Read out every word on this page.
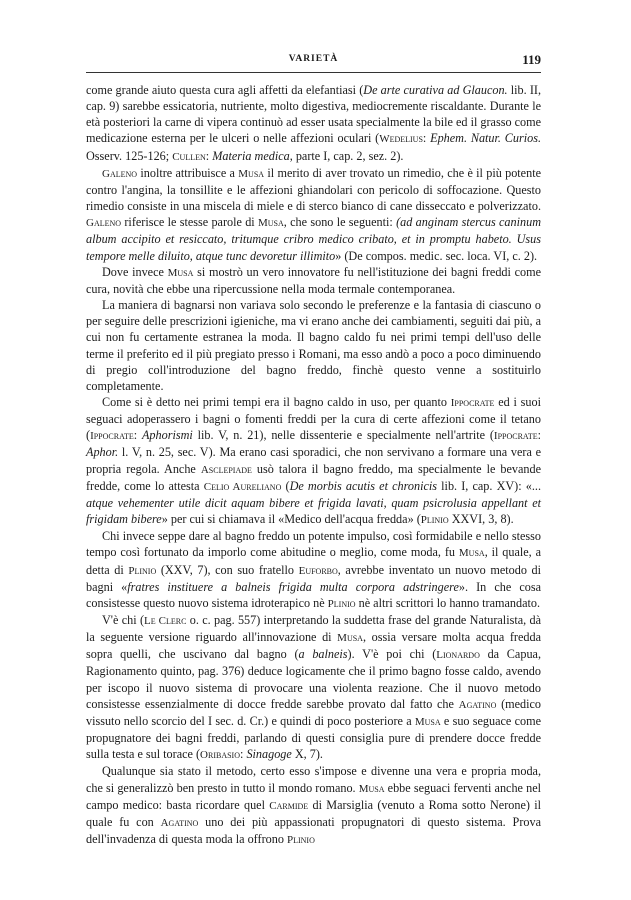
VARIETÀ	119

come grande aiuto questa cura agli affetti da elefantiasi (De arte curativa ad Glaucon. lib. II, cap. 9) sarebbe essicatoria, nutriente, molto digestiva, mediocremente riscaldante. Durante le età posteriori la carne di vipera continuò ad esser usata specialmente la bile ed il grasso come medicazione esterna per le ulceri o nelle affezioni oculari (Wedelius: Ephem. Natur. Curios. Osserv. 125-126; Cullen: Materia medica, parte I, cap. 2, sez. 2).

Galeno inoltre attribuisce a Musa il merito di aver trovato un rimedio, che è il più potente contro l'angina, la tonsillite e le affezioni ghiandolari con pericolo di soffocazione. Questo rimedio consiste in una miscela di miele e di sterco bianco di cane disseccato e polverizzato. Galeno riferisce le stesse parole di Musa, che sono le seguenti: (ad anginam stercus caninum album accipito et resiccato, tritumque cribro medico cribato, et in promptu habeto. Usus tempore melle diluito, atque tunc devoretur illimito» (De compos. medic. sec. loca. VI, c. 2).

Dove invece Musa si mostrò un vero innovatore fu nell'istituzione dei bagni freddi come cura, novità che ebbe una ripercussione nella moda termale contemporanea.

La maniera di bagnarsi non variava solo secondo le preferenze e la fantasia di ciascuno o per seguire delle prescrizioni igieniche, ma vi erano anche dei cambiamenti, seguiti dai più, a cui non fu certamente estranea la moda. Il bagno caldo fu nei primi tempi dell'uso delle terme il preferito ed il più pregiato presso i Romani, ma esso andò a poco a poco diminuendo di pregio coll'introduzione del bagno freddo, finchè questo venne a sostituirlo completamente.

Come si è detto nei primi tempi era il bagno caldo in uso, per quanto Ippocrate ed i suoi seguaci adoperassero i bagni o fomenti freddi per la cura di certe affezioni come il tetano (Ippocrate: Aphorismi lib. V, n. 21), nelle dissenterie e specialmente nell'artrite (Ippocrate: Aphor. l. V, n. 25, sec. V). Ma erano casi sporadici, che non servivano a formare una vera e propria regola. Anche Asclepiade usò talora il bagno freddo, ma specialmente le bevande fredde, come lo attesta Celio Aureliano (De morbis acutis et chronicis lib. I, cap. XV): «... atque vehementer utile dicit aquam bibere et frigida lavati, quam psicrolusia appellant et frigidam bibere» per cui si chiamava il «Medico dell'acqua fredda» (Plinio XXVI, 3, 8).

Chi invece seppe dare al bagno freddo un potente impulso, così formidabile e nello stesso tempo così fortunato da imporlo come abitudine o meglio, come moda, fu Musa, il quale, a detta di Plinio (XXV, 7), con suo fratello Euforbo, avrebbe inventato un nuovo metodo di bagni «fratres instituere a balneis frigida multa corpora adstringere». In che cosa consistesse questo nuovo sistema idroterapico nè Plinio nè altri scrittori lo hanno tramandato.

V'è chi (Le Clerc o. c. pag. 557) interpretando la suddetta frase del grande Naturalista, dà la seguente versione riguardo all'innovazione di Musa, ossia versare molta acqua fredda sopra quelli, che uscivano dal bagno (a balneis). V'è poi chi (Lionardo da Capua, Ragionamento quinto, pag. 376) deduce logicamente che il primo bagno fosse caldo, avendo per iscopo il nuovo sistema di provocare una violenta reazione. Che il nuovo metodo consistesse essenzialmente di docce fredde sarebbe provato dal fatto che Agatino (medico vissuto nello scorcio del I sec. d. Cr.) e quindi di poco posteriore a Musa e suo seguace come propugnatore dei bagni freddi, parlando di questi consiglia pure di prendere docce fredde sulla testa e sul torace (Oribasio: Sinagoge X, 7).

Qualunque sia stato il metodo, certo esso s'impose e divenne una vera e propria moda, che si generalizzò ben presto in tutto il mondo romano. Musa ebbe seguaci ferventi anche nel campo medico: basta ricordare quel Carmide di Marsiglia (venuto a Roma sotto Nerone) il quale fu con Agatino uno dei più appassionati propugnatori di questo sistema. Prova dell'invadenza di questa moda la offrono Plinio
